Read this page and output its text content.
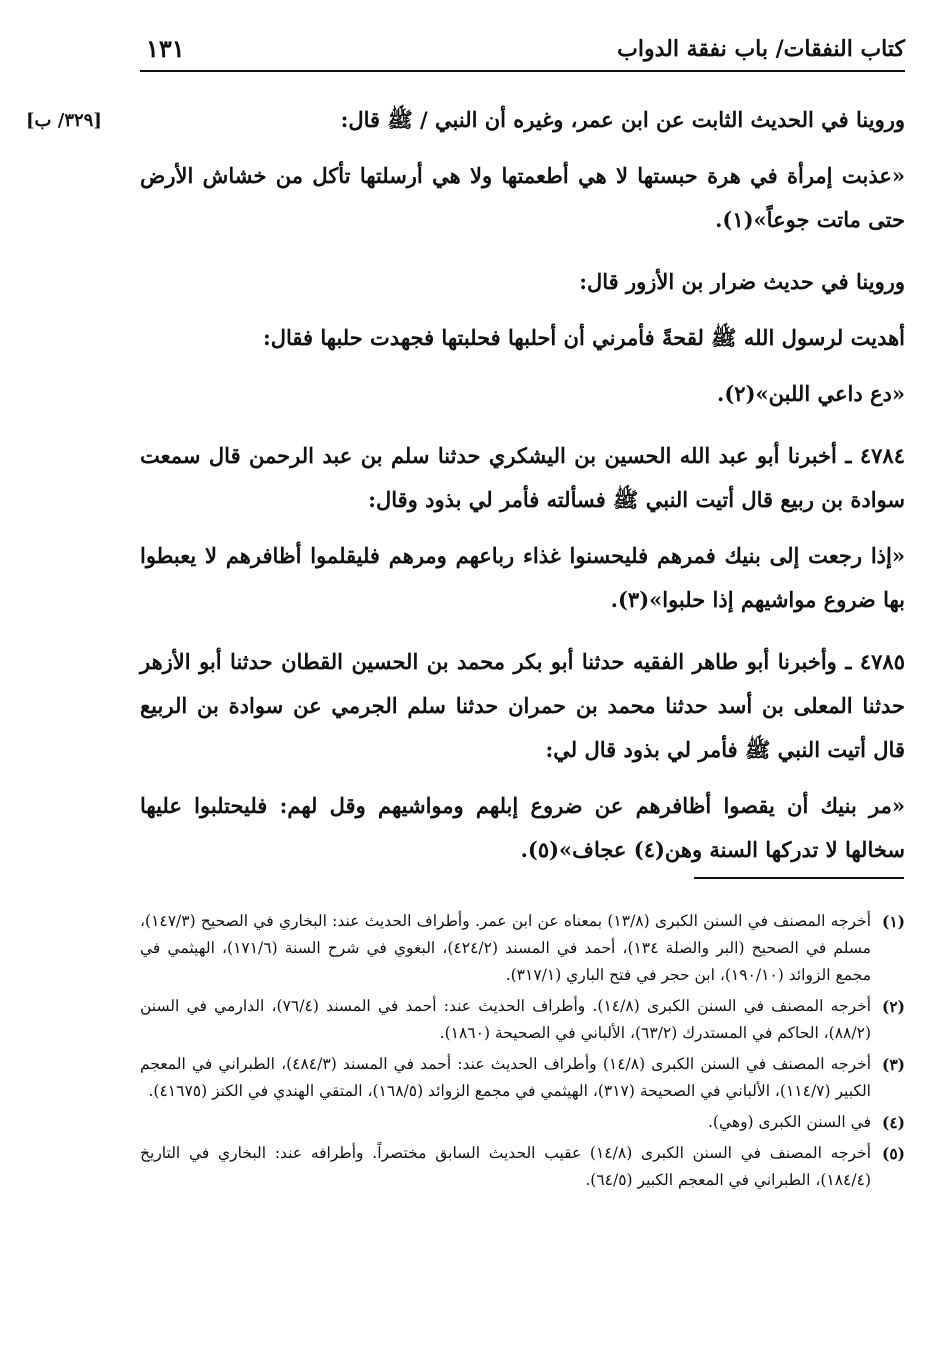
كتاب النفقات/ باب نفقة الدواب
١٣١
[٣٢٩/ ب]	وروينا في الحديث الثابت عن ابن عمر، وغيره أن النبي / ﷺ قال:

«عذبت إمرأة في هرة حبستها لا هي أطعمتها ولا هي أرسلتها تأكل من خشاش الأرض حتى ماتت جوعاً»(١).

وروينا في حديث ضرار بن الأزور قال:

أهديت لرسول الله ﷺ لقحةً فأمرني أن أحلبها فحلبتها فجهدت حلبها فقال:

«دع داعي اللبن»(٢).

٤٧٨٤ ـ أخبرنا أبو عبد الله الحسين بن اليشكري حدثنا سلم بن عبد الرحمن قال سمعت سوادة بن ربيع قال أتيت النبي ﷺ فسألته فأمر لي بذود وقال:

«إذا رجعت إلى بنيك فمرهم فليحسنوا غذاء رباعهم ومرهم فليقلموا أظافرهم لا يعبطوا بها ضروع مواشيهم إذا حلبوا»(٣).

٤٧٨٥ ـ وأخبرنا أبو طاهر الفقيه حدثنا أبو بكر محمد بن الحسين القطان حدثنا أبو الأزهر حدثنا المعلى بن أسد حدثنا محمد بن حمران حدثنا سلم الجرمي عن سوادة بن الربيع قال أتيت النبي ﷺ فأمر لي بذود قال لي:

«مر بنيك أن يقصوا أظافرهم عن ضروع إبلهم ومواشيهم وقل لهم: فليحتلبوا عليها سخالها لا تدركها السنة وهن(٤) عجاف»(٥).

(١)
أخرجه المصنف في السنن الكبرى (١٣/٨) بمعناه عن ابن عمر. وأطراف الحديث عند: البخاري في الصحيح (١٤٧/٣)، مسلم في الصحيح (البر والصلة ١٣٤)، أحمد في المسند (٤٢٤/٢)، البغوي في شرح السنة (١٧١/٦)، الهيثمي في مجمع الزوائد (١٩٠/١٠)، ابن حجر في فتح الباري (٣١٧/١).
(٢)
أخرجه المصنف في السنن الكبرى (١٤/٨). وأطراف الحديث عند: أحمد في المسند (٧٦/٤)، الدارمي في السنن (٨٨/٢)، الحاكم في المستدرك (٦٣/٢)، الألباني في الصحيحة (١٨٦٠).
(٣)
أخرجه المصنف في السنن الكبرى (١٤/٨) وأطراف الحديث عند: أحمد في المسند (٤٨٤/٣)، الطبراني في المعجم الكبير (١١٤/٧)، الألباني في الصحيحة (٣١٧)، الهيثمي في مجمع الزوائد (١٦٨/٥)، المتقي الهندي في الكنز (٤١٦٧٥).
(٤)
في السنن الكبرى (وهي).
(٥)
أخرجه المصنف في السنن الكبرى (١٤/٨) عقيب الحديث السابق مختصراً. وأطرافه عند: البخاري في التاريخ (١٨٤/٤)، الطبراني في المعجم الكبير (٦٤/٥).
